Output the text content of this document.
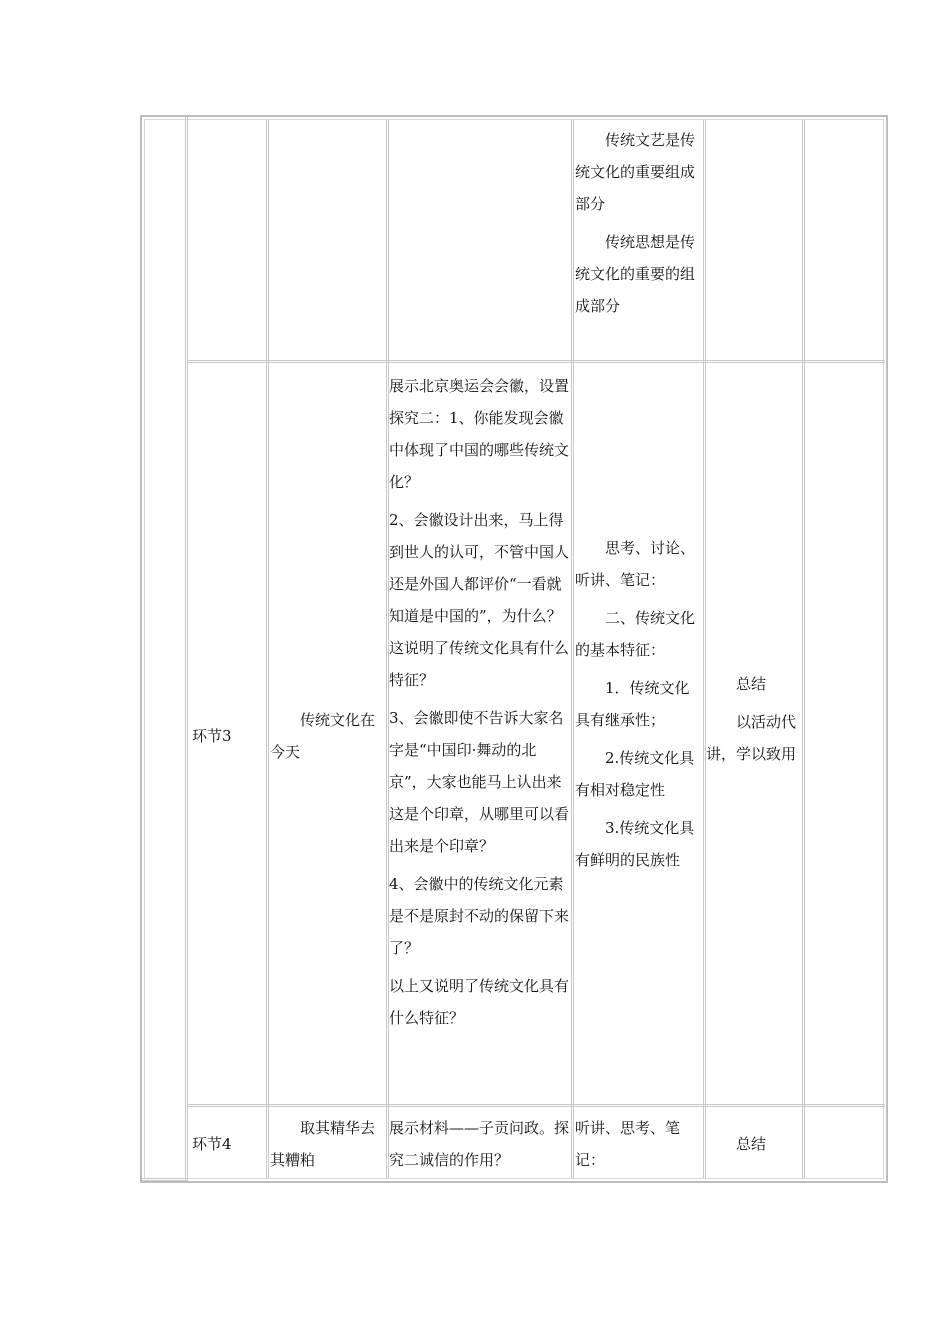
传统文艺是传统文化的重要组成部分

传统思想是传统文化的重要的组成部分

环节3

传统文化在今天

展示北京奥运会会徽，设置探究二：1、你能发现会徽中体现了中国的哪些传统文化？

2、会徽设计出来，马上得到世人的认可，不管中国人还是外国人都评价“一看就知道是中国的”，为什么？ 这说明了传统文化具有什么特征？

3、会徽即使不告诉大家名字是“中国印·舞动的北京”，大家也能马上认出来这是个印章，从哪里可以看出来是个印章？

4、会徽中的传统文化元素是不是原封不动的保留下来了？

以上又说明了传统文化具有什么特征？

思考、讨论、听讲、笔记：

二、传统文化的基本特征：

1．传统文化具有继承性；

2.传统文化具有相对稳定性

3.传统文化具有鲜明的民族性

总结

以活动代讲，学以致用

环节4

取其精华去其糟粕

展示材料——子贡问政。探究二诚信的作用？

听讲、思考、笔记：

总结
